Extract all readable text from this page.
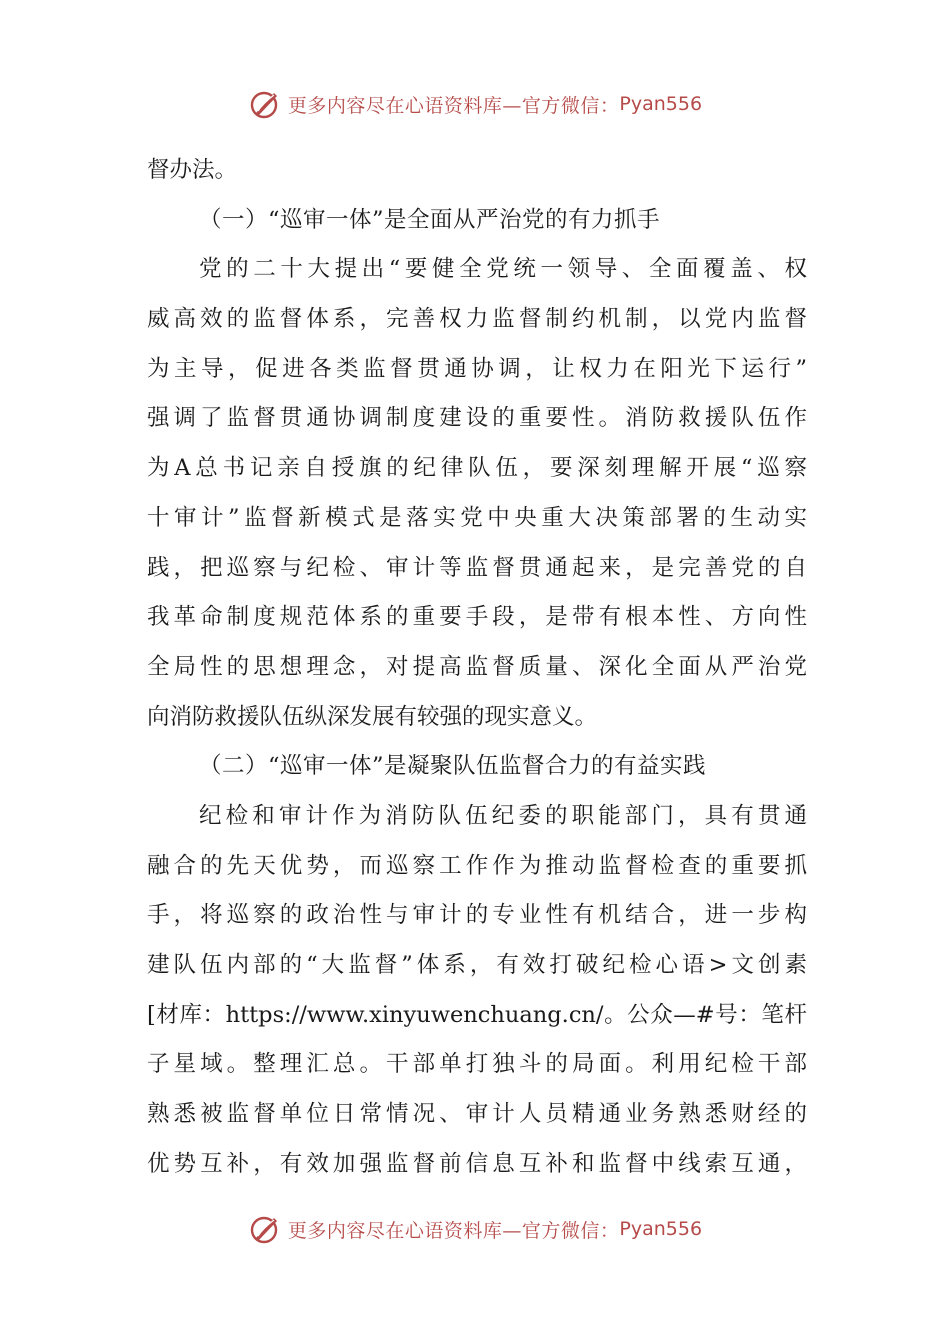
更多内容尽在心语资料库—官方微信： Pyan556
督办法。
（一）“巡审一体”是全面从严治党的有力抓手
党的二十大提出“要健全党统一领导、全面覆盖、权
威高效的监督体系，完善权力监督制约机制，以党内监督
为主导，促进各类监督贯通协调，让权力在阳光下运行”
强调了监督贯通协调制度建设的重要性。消防救援队伍作
为A总书记亲自授旗的纪律队伍，要深刻理解开展“巡察
十审计”监督新模式是落实党中央重大决策部署的生动实
践，把巡察与纪检、审计等监督贯通起来，是完善党的自
我革命制度规范体系的重要手段，是带有根本性、方向性
全局性的思想理念，对提高监督质量、深化全面从严治党
向消防救援队伍纵深发展有较强的现实意义。
（二）“巡审一体”是凝聚队伍监督合力的有益实践
纪检和审计作为消防队伍纪委的职能部门，具有贯通
融合的先天优势，而巡察工作作为推动监督检查的重要抓
手，将巡察的政治性与审计的专业性有机结合，进一步构
建队伍内部的“大监督”体系，有效打破纪检心语>文创素
[材库：https://www.xinyuwenchuang.cn/。公众—#号：笔杆
子星域。整理汇总。干部单打独斗的局面。利用纪检干部
熟悉被监督单位日常情况、审计人员精通业务熟悉财经的
优势互补，有效加强监督前信息互补和监督中线索互通，
更多内容尽在心语资料库—官方微信： Pyan556
